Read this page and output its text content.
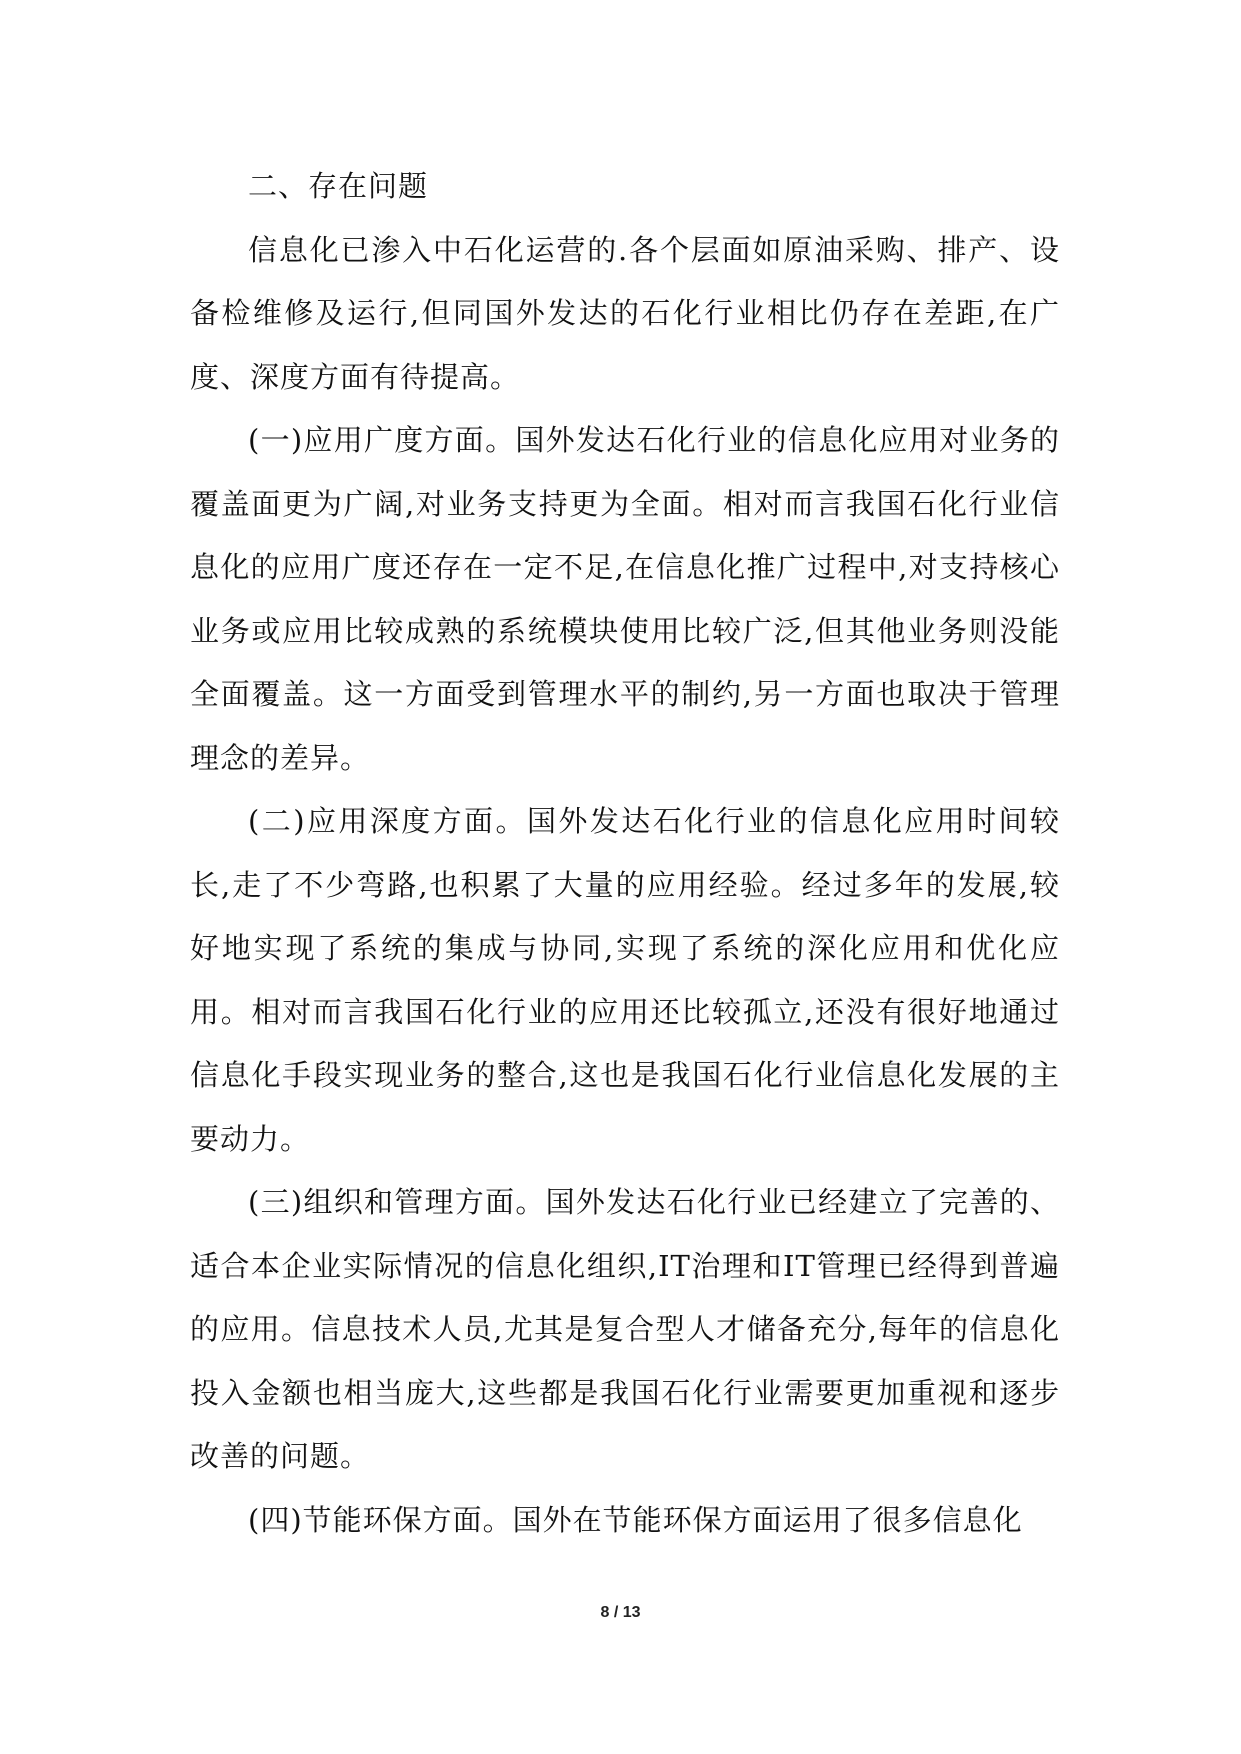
二、存在问题

信息化已渗入中石化运营的.各个层面如原油采购、排产、设备检维修及运行,但同国外发达的石化行业相比仍存在差距,在广度、深度方面有待提高。

(一)应用广度方面。国外发达石化行业的信息化应用对业务的覆盖面更为广阔,对业务支持更为全面。相对而言我国石化行业信息化的应用广度还存在一定不足,在信息化推广过程中,对支持核心业务或应用比较成熟的系统模块使用比较广泛,但其他业务则没能全面覆盖。这一方面受到管理水平的制约,另一方面也取决于管理理念的差异。

(二)应用深度方面。国外发达石化行业的信息化应用时间较长,走了不少弯路,也积累了大量的应用经验。经过多年的发展,较好地实现了系统的集成与协同,实现了系统的深化应用和优化应用。相对而言我国石化行业的应用还比较孤立,还没有很好地通过信息化手段实现业务的整合,这也是我国石化行业信息化发展的主要动力。

(三)组织和管理方面。国外发达石化行业已经建立了完善的、适合本企业实际情况的信息化组织,IT治理和IT管理已经得到普遍的应用。信息技术人员,尤其是复合型人才储备充分,每年的信息化投入金额也相当庞大,这些都是我国石化行业需要更加重视和逐步改善的问题。

(四)节能环保方面。国外在节能环保方面运用了很多信息化

8 / 13
